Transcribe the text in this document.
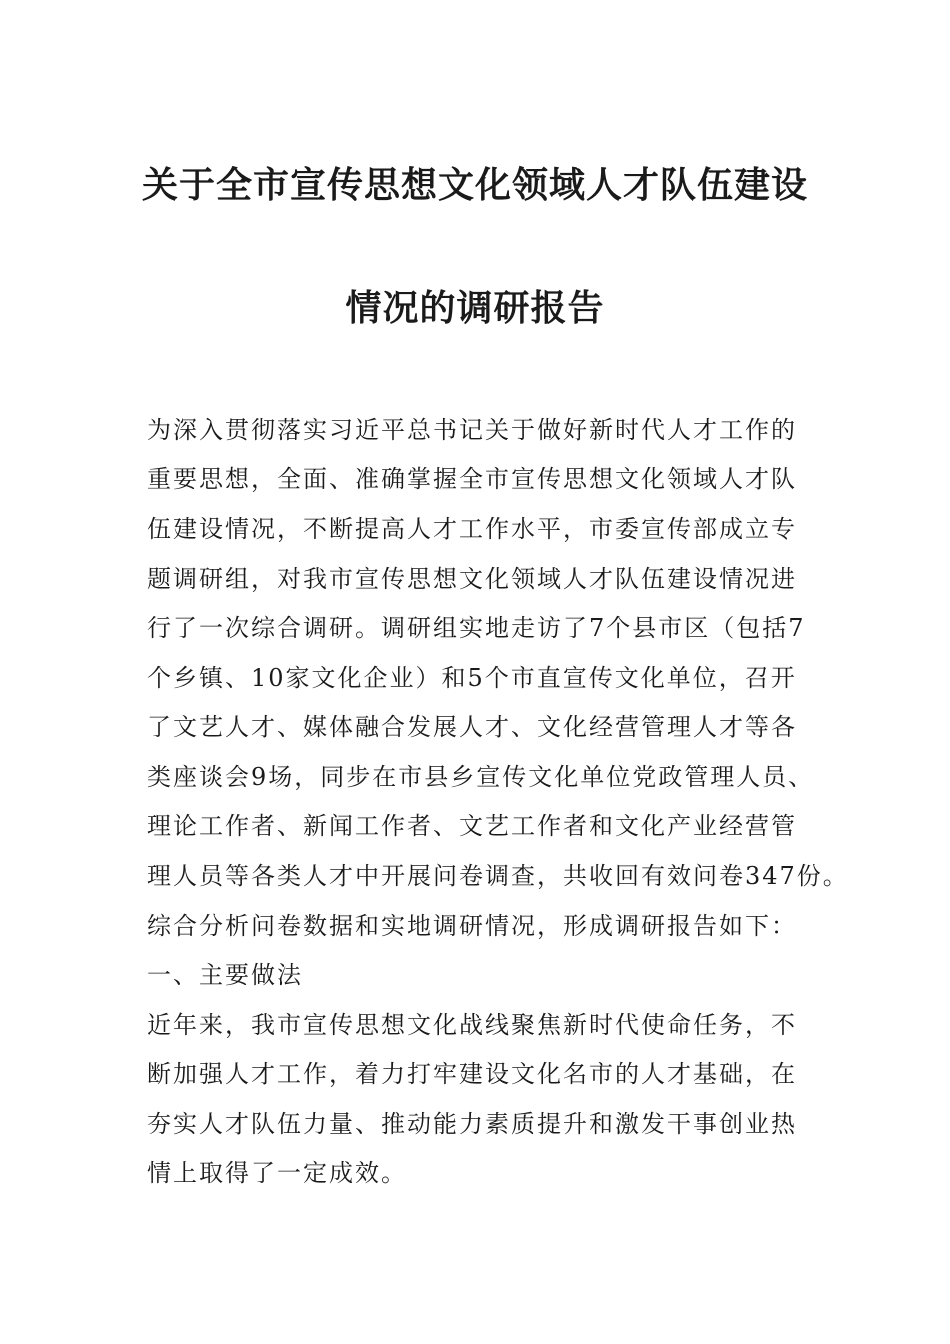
关于全市宣传思想文化领域人才队伍建设
情况的调研报告
为深入贯彻落实习近平总书记关于做好新时代人才工作的
重要思想，全面、准确掌握全市宣传思想文化领域人才队
伍建设情况，不断提高人才工作水平，市委宣传部成立专
题调研组，对我市宣传思想文化领域人才队伍建设情况进
行了一次综合调研。调研组实地走访了7个县市区（包括7
个乡镇、10家文化企业）和5个市直宣传文化单位，召开
了文艺人才、媒体融合发展人才、文化经营管理人才等各
类座谈会9场，同步在市县乡宣传文化单位党政管理人员、
理论工作者、新闻工作者、文艺工作者和文化产业经营管
理人员等各类人才中开展问卷调查，共收回有效问卷347份。
综合分析问卷数据和实地调研情况，形成调研报告如下：
一、主要做法
近年来，我市宣传思想文化战线聚焦新时代使命任务，不
断加强人才工作，着力打牢建设文化名市的人才基础，在
夯实人才队伍力量、推动能力素质提升和激发干事创业热
情上取得了一定成效。
